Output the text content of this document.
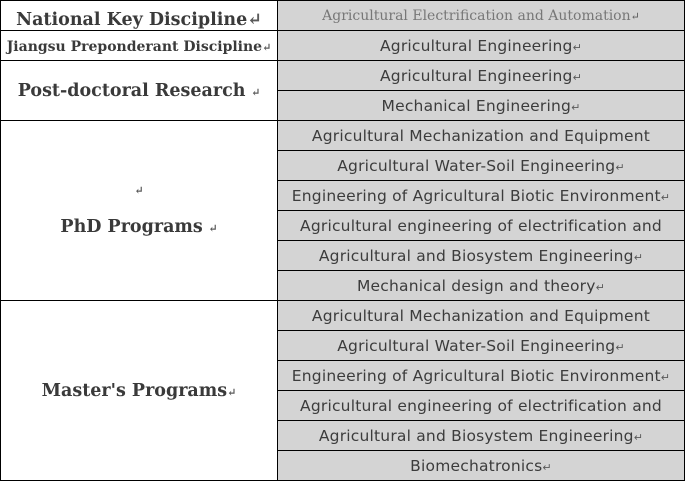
National Key Discipline↵	Agricultural Electrification and Automation↵
Jiangsu Preponderant Discipline↵	Agricultural Engineering↵
Post-doctoral Research ↵	Agricultural Engineering↵
	Mechanical Engineering↵

↵
PhD Programs ↵	Agricultural Mechanization and Equipment
	Agricultural Water-Soil Engineering↵
	Engineering of Agricultural Biotic Environment↵
	Agricultural engineering of electrification and
	Agricultural and Biosystem Engineering↵
	Mechanical design and theory↵
Master's Programs↵	Agricultural Mechanization and Equipment
	Agricultural Water-Soil Engineering↵
	Engineering of Agricultural Biotic Environment↵
	Agricultural engineering of electrification and
	Agricultural and Biosystem Engineering↵
	Biomechatronics↵
